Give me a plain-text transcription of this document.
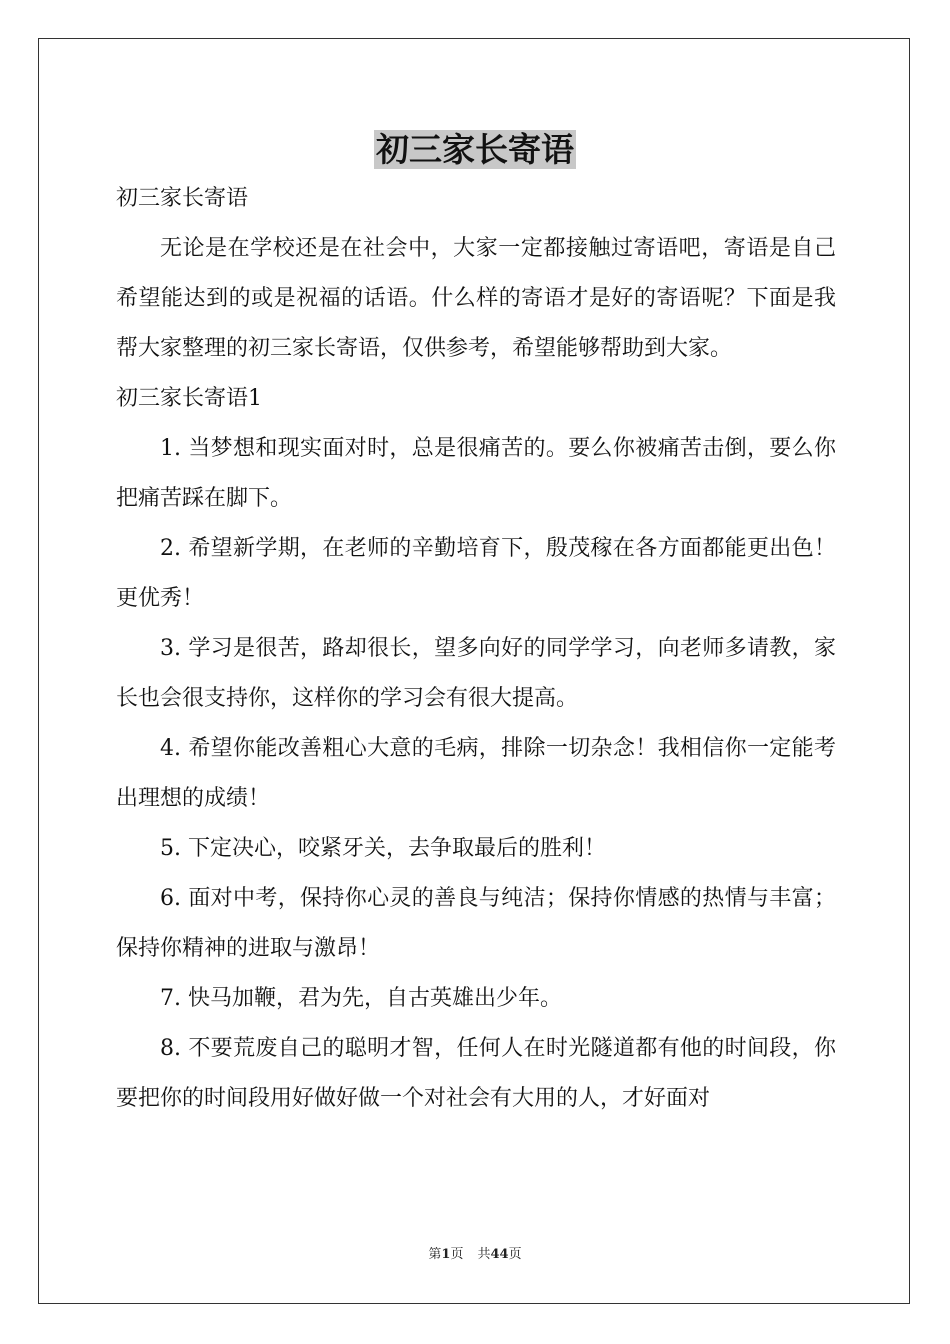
初三家长寄语

初三家长寄语

无论是在学校还是在社会中，大家一定都接触过寄语吧，寄语是自己希望能达到的或是祝福的话语。什么样的寄语才是好的寄语呢？下面是我帮大家整理的初三家长寄语，仅供参考，希望能够帮助到大家。

初三家长寄语1

1. 当梦想和现实面对时，总是很痛苦的。要么你被痛苦击倒，要么你把痛苦踩在脚下。

2. 希望新学期，在老师的辛勤培育下，殷茂稼在各方面都能更出色！更优秀！

3. 学习是很苦，路却很长，望多向好的同学学习，向老师多请教，家长也会很支持你，这样你的学习会有很大提高。

4. 希望你能改善粗心大意的毛病，排除一切杂念！我相信你一定能考出理想的成绩！

5. 下定决心，咬紧牙关，去争取最后的胜利！

6. 面对中考，保持你心灵的善良与纯洁；保持你情感的热情与丰富；保持你精神的进取与激昂！

7. 快马加鞭，君为先，自古英雄出少年。

8. 不要荒废自己的聪明才智，任何人在时光隧道都有他的时间段，你要把你的时间段用好做好做一个对社会有大用的人，才好面对

第1页 共44页
